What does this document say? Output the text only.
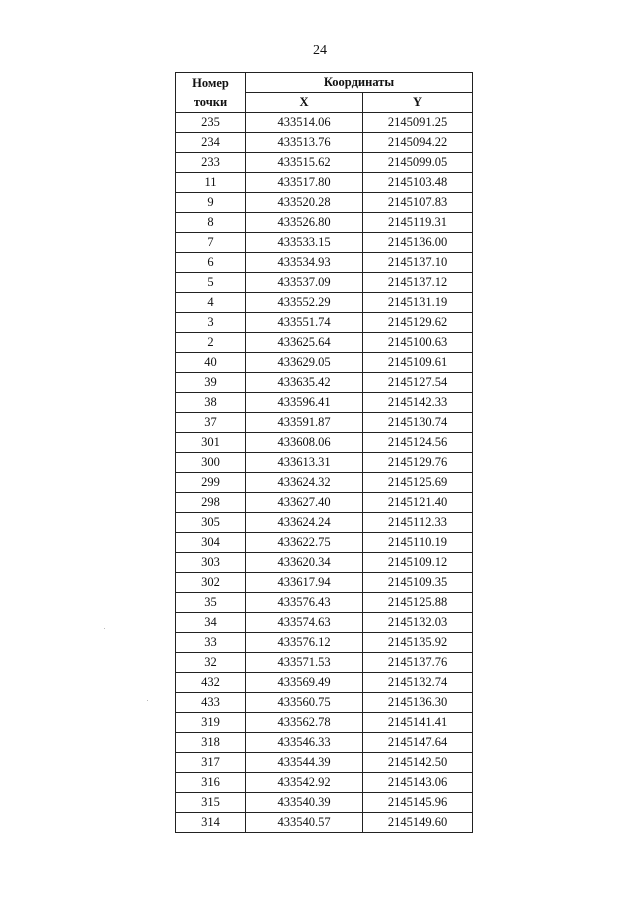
24
Номер
точки	Координаты	
	X	Y
235	433514.06	2145091.25
234	433513.76	2145094.22
233	433515.62	2145099.05
11	433517.80	2145103.48
9	433520.28	2145107.83
8	433526.80	2145119.31
7	433533.15	2145136.00
6	433534.93	2145137.10
5	433537.09	2145137.12
4	433552.29	2145131.19
3	433551.74	2145129.62
2	433625.64	2145100.63
40	433629.05	2145109.61
39	433635.42	2145127.54
38	433596.41	2145142.33
37	433591.87	2145130.74
301	433608.06	2145124.56
300	433613.31	2145129.76
299	433624.32	2145125.69
298	433627.40	2145121.40
305	433624.24	2145112.33
304	433622.75	2145110.19
303	433620.34	2145109.12
302	433617.94	2145109.35
35	433576.43	2145125.88
34	433574.63	2145132.03
33	433576.12	2145135.92
32	433571.53	2145137.76
432	433569.49	2145132.74
433	433560.75	2145136.30
319	433562.78	2145141.41
318	433546.33	2145147.64
317	433544.39	2145142.50
316	433542.92	2145143.06
315	433540.39	2145145.96
314	433540.57	2145149.60
